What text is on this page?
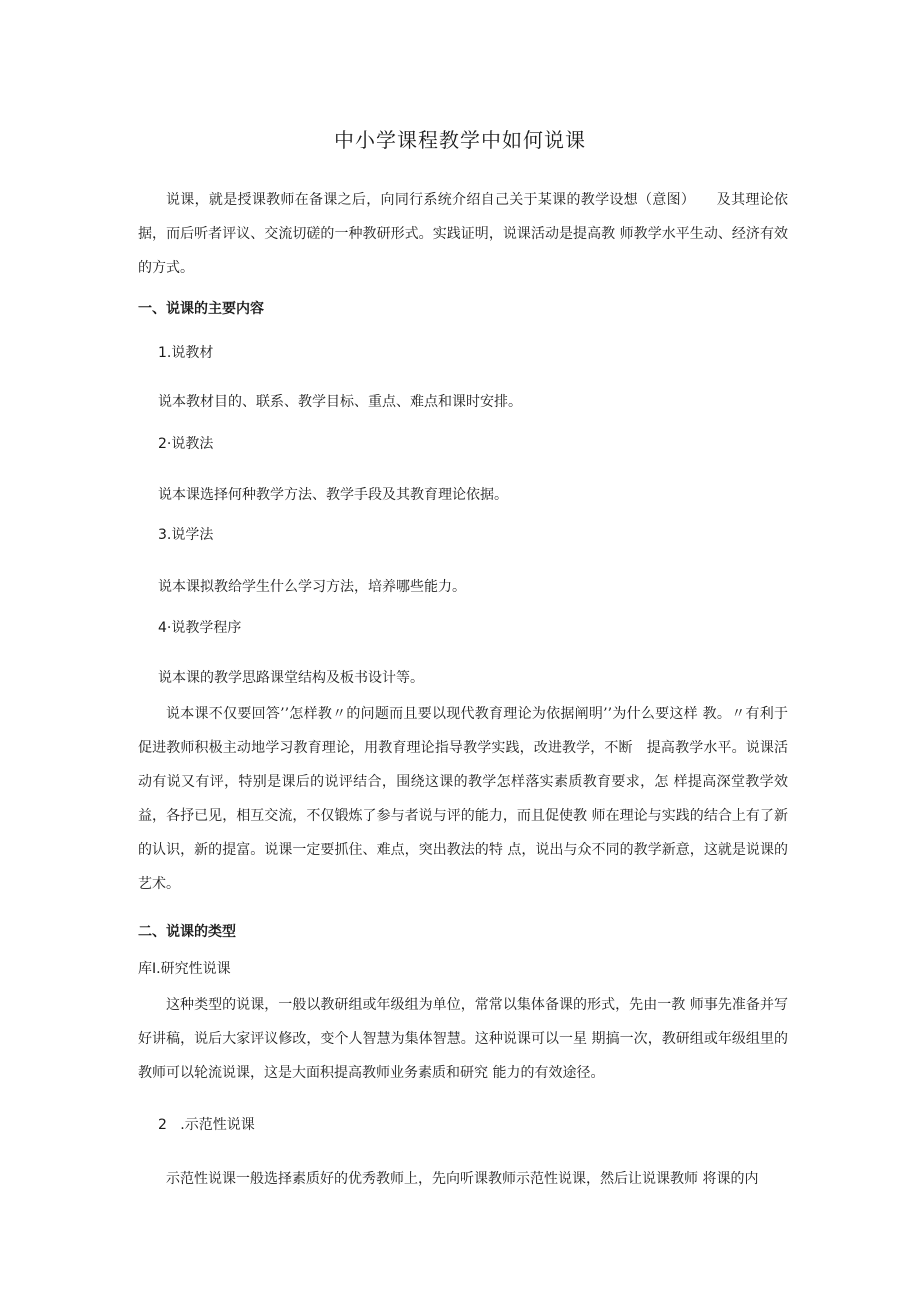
中小学课程教学中如何说课

说课，就是授课教师在备课之后，向同行系统介绍自己关于某课的教学设想（意图）　　及其理论依据，而后听者评议、交流切磋的一种教研形式。实践证明，说课活动是提高教 师教学水平生动、经济有效的方式。

一、说课的主要内容

1.说教材

说本教材目的、联系、教学目标、重点、难点和课时安排。

2·说教法

说本课选择何种教学方法、教学手段及其教育理论依据。

3.说学法

说本课拟教给学生什么学习方法，培养哪些能力。

4·说教学程序

说本课的教学思路课堂结构及板书设计等。

说本课不仅要回答’’怎样教〃的问题而且要以现代教育理论为依据阐明’’为什么要这样 教。〃有利于促进教师积极主动地学习教育理论，用教育理论指导教学实践，改进教学，不断　提高教学水平。说课活动有说又有评，特别是课后的说评结合，围绕这课的教学怎样落实素质教育要求，怎 样提高深堂教学效益，各抒已见，相互交流，不仅锻炼了参与者说与评的能力，而且促使教 师在理论与实践的结合上有了新的认识，新的提富。说课一定要抓住、难点，突出教法的特 点，说出与众不同的教学新意，这就是说课的艺术。

二、说课的类型

库I.研究性说课

这种类型的说课，一般以教研组或年级组为单位，常常以集体备课的形式，先由一教 师事先准备并写好讲稿，说后大家评议修改，变个人智慧为集体智慧。这种说课可以一星 期搞一次，教研组或年级组里的教师可以轮流说课，这是大面积提高教师业务素质和研究 能力的有效途径。

2 .示范性说课

示范性说课一般选择素质好的优秀教师上，先向听课教师示范性说课，然后让说课教师 将课的内
